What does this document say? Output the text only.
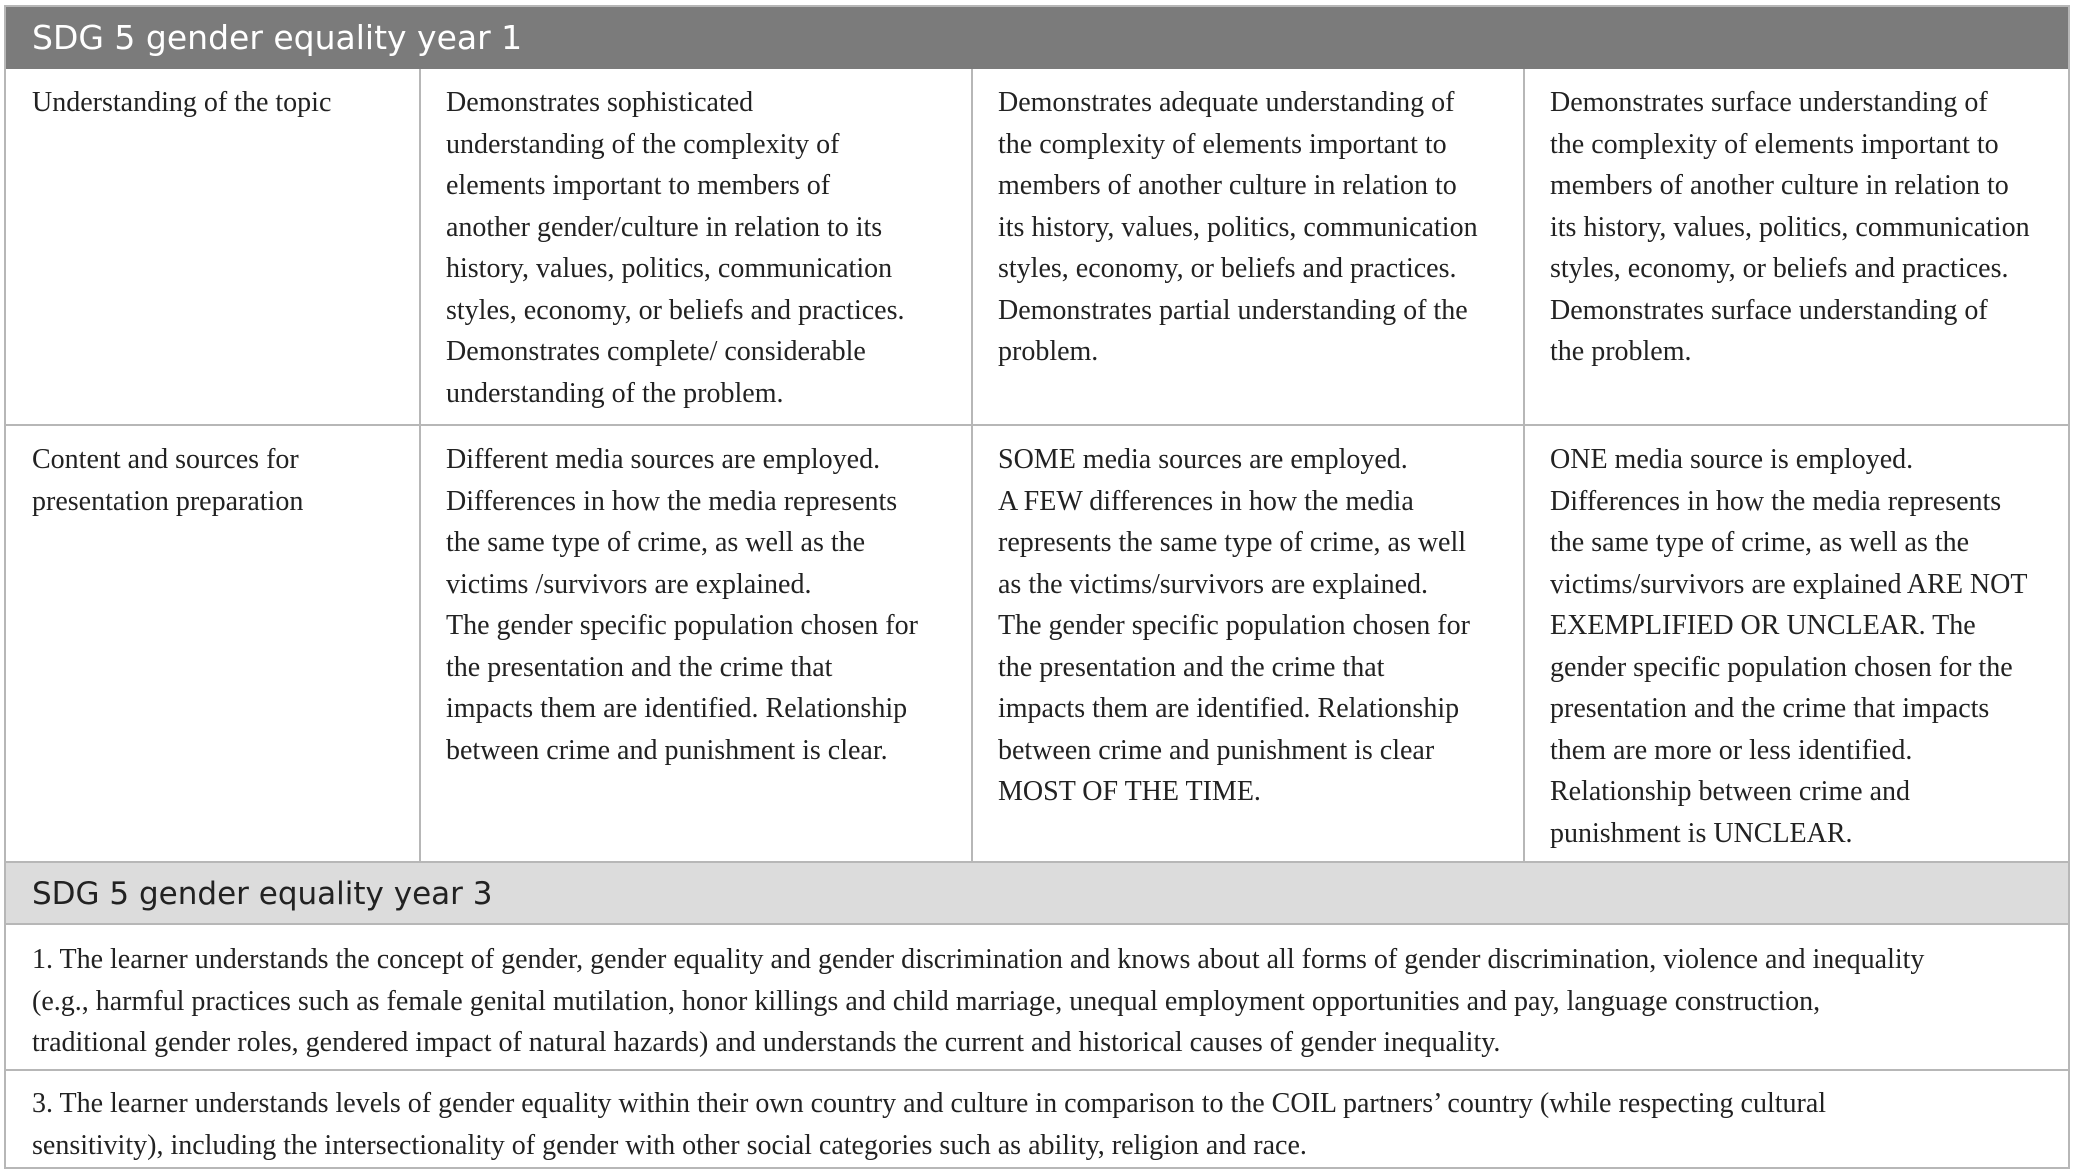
SDG 5 gender equality year 1
Understanding of the topic	Demonstrates sophisticated
understanding of the complexity of
elements important to members of
another gender/culture in relation to its
history, values, politics, communication
styles, economy, or beliefs and practices.
Demonstrates complete/ considerable
understanding of the problem.
Demonstrates adequate understanding of
the complexity of elements important to
members of another culture in relation to
its history, values, politics, communication
styles, economy, or beliefs and practices.
Demonstrates partial understanding of the
problem.
Demonstrates surface understanding of
the complexity of elements important to
members of another culture in relation to
its history, values, politics, communication
styles, economy, or beliefs and practices.
Demonstrates surface understanding of
the problem.
Content and sources for
presentation preparation
Different media sources are employed.
Differences in how the media represents
the same type of crime, as well as the
victims /survivors are explained.
The gender specific population chosen for
the presentation and the crime that
impacts them are identified. Relationship
between crime and punishment is clear.
SOME media sources are employed.
A FEW differences in how the media
represents the same type of crime, as well
as the victims/survivors are explained.
The gender specific population chosen for
the presentation and the crime that
impacts them are identified. Relationship
between crime and punishment is clear
MOST OF THE TIME.
ONE media source is employed.
Differences in how the media represents
the same type of crime, as well as the
victims/survivors are explained ARE NOT
EXEMPLIFIED OR UNCLEAR. The
gender specific population chosen for the
presentation and the crime that impacts
them are more or less identified.
Relationship between crime and
punishment is UNCLEAR.
SDG 5 gender equality year 3
1. The learner understands the concept of gender, gender equality and gender discrimination and knows about all forms of gender discrimination, violence and inequality
(e.g., harmful practices such as female genital mutilation, honor killings and child marriage, unequal employment opportunities and pay, language construction,
traditional gender roles, gendered impact of natural hazards) and understands the current and historical causes of gender inequality.
3. The learner understands levels of gender equality within their own country and culture in comparison to the COIL partners’ country (while respecting cultural
sensitivity), including the intersectionality of gender with other social categories such as ability, religion and race.
